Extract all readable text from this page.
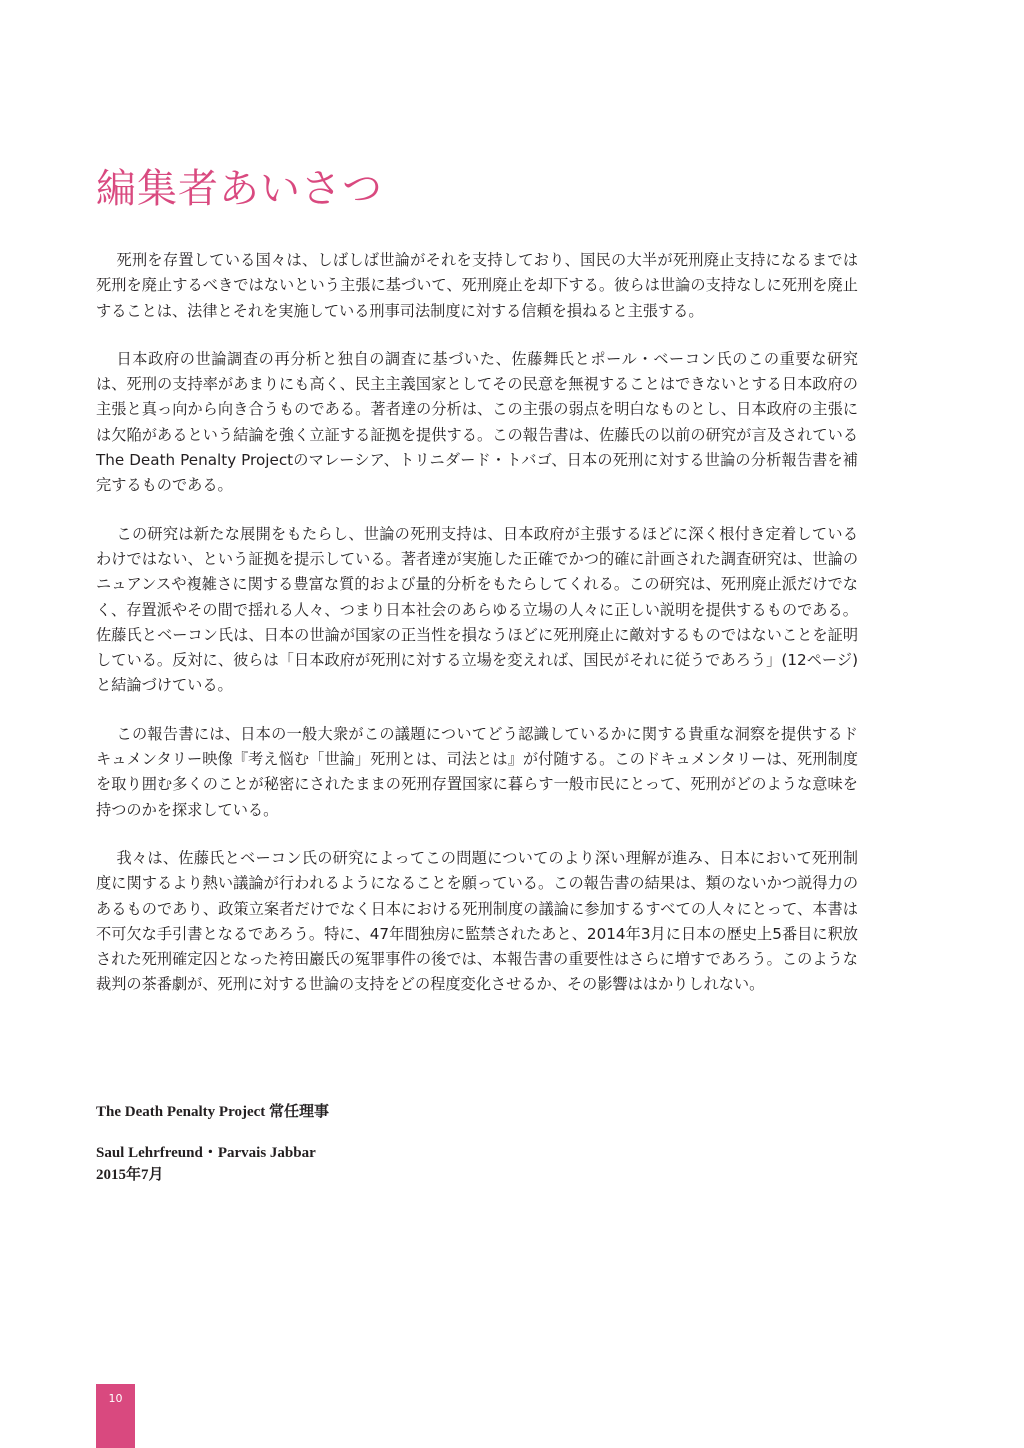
編集者あいさつ

死刑を存置している国々は、しばしば世論がそれを支持しており、国民の大半が死刑廃止支持になるまでは死刑を廃止するべきではないという主張に基づいて、死刑廃止を却下する。彼らは世論の支持なしに死刑を廃止することは、法律とそれを実施している刑事司法制度に対する信頼を損ねると主張する。

日本政府の世論調査の再分析と独自の調査に基づいた、佐藤舞氏とポール・ベーコン氏のこの重要な研究は、死刑の支持率があまりにも高く、民主主義国家としてその民意を無視することはできないとする日本政府の主張と真っ向から向き合うものである。著者達の分析は、この主張の弱点を明白なものとし、日本政府の主張には欠陥があるという結論を強く立証する証拠を提供する。この報告書は、佐藤氏の以前の研究が言及されているThe Death Penalty Projectのマレーシア、トリニダード・トバゴ、日本の死刑に対する世論の分析報告書を補完するものである。

この研究は新たな展開をもたらし、世論の死刑支持は、日本政府が主張するほどに深く根付き定着しているわけではない、という証拠を提示している。著者達が実施した正確でかつ的確に計画された調査研究は、世論のニュアンスや複雑さに関する豊富な質的および量的分析をもたらしてくれる。この研究は、死刑廃止派だけでなく、存置派やその間で揺れる人々、つまり日本社会のあらゆる立場の人々に正しい説明を提供するものである。佐藤氏とベーコン氏は、日本の世論が国家の正当性を損なうほどに死刑廃止に敵対するものではないことを証明している。反対に、彼らは「日本政府が死刑に対する立場を変えれば、国民がそれに従うであろう」(12ページ) と結論づけている。

この報告書には、日本の一般大衆がこの議題についてどう認識しているかに関する貴重な洞察を提供するドキュメンタリー映像『考え悩む「世論」死刑とは、司法とは』が付随する。このドキュメンタリーは、死刑制度を取り囲む多くのことが秘密にされたままの死刑存置国家に暮らす一般市民にとって、死刑がどのような意味を持つのかを探求している。

我々は、佐藤氏とベーコン氏の研究によってこの問題についてのより深い理解が進み、日本において死刑制度に関するより熱い議論が行われるようになることを願っている。この報告書の結果は、類のないかつ説得力のあるものであり、政策立案者だけでなく日本における死刑制度の議論に参加するすべての人々にとって、本書は不可欠な手引書となるであろう。特に、47年間独房に監禁されたあと、2014年3月に日本の歴史上5番目に釈放された死刑確定囚となった袴田巖氏の冤罪事件の後では、本報告書の重要性はさらに増すであろう。このような裁判の茶番劇が、死刑に対する世論の支持をどの程度変化させるか、その影響ははかりしれない。

The Death Penalty Project 常任理事

Saul Lehrfreund・Parvais Jabbar

2015年7月

10
